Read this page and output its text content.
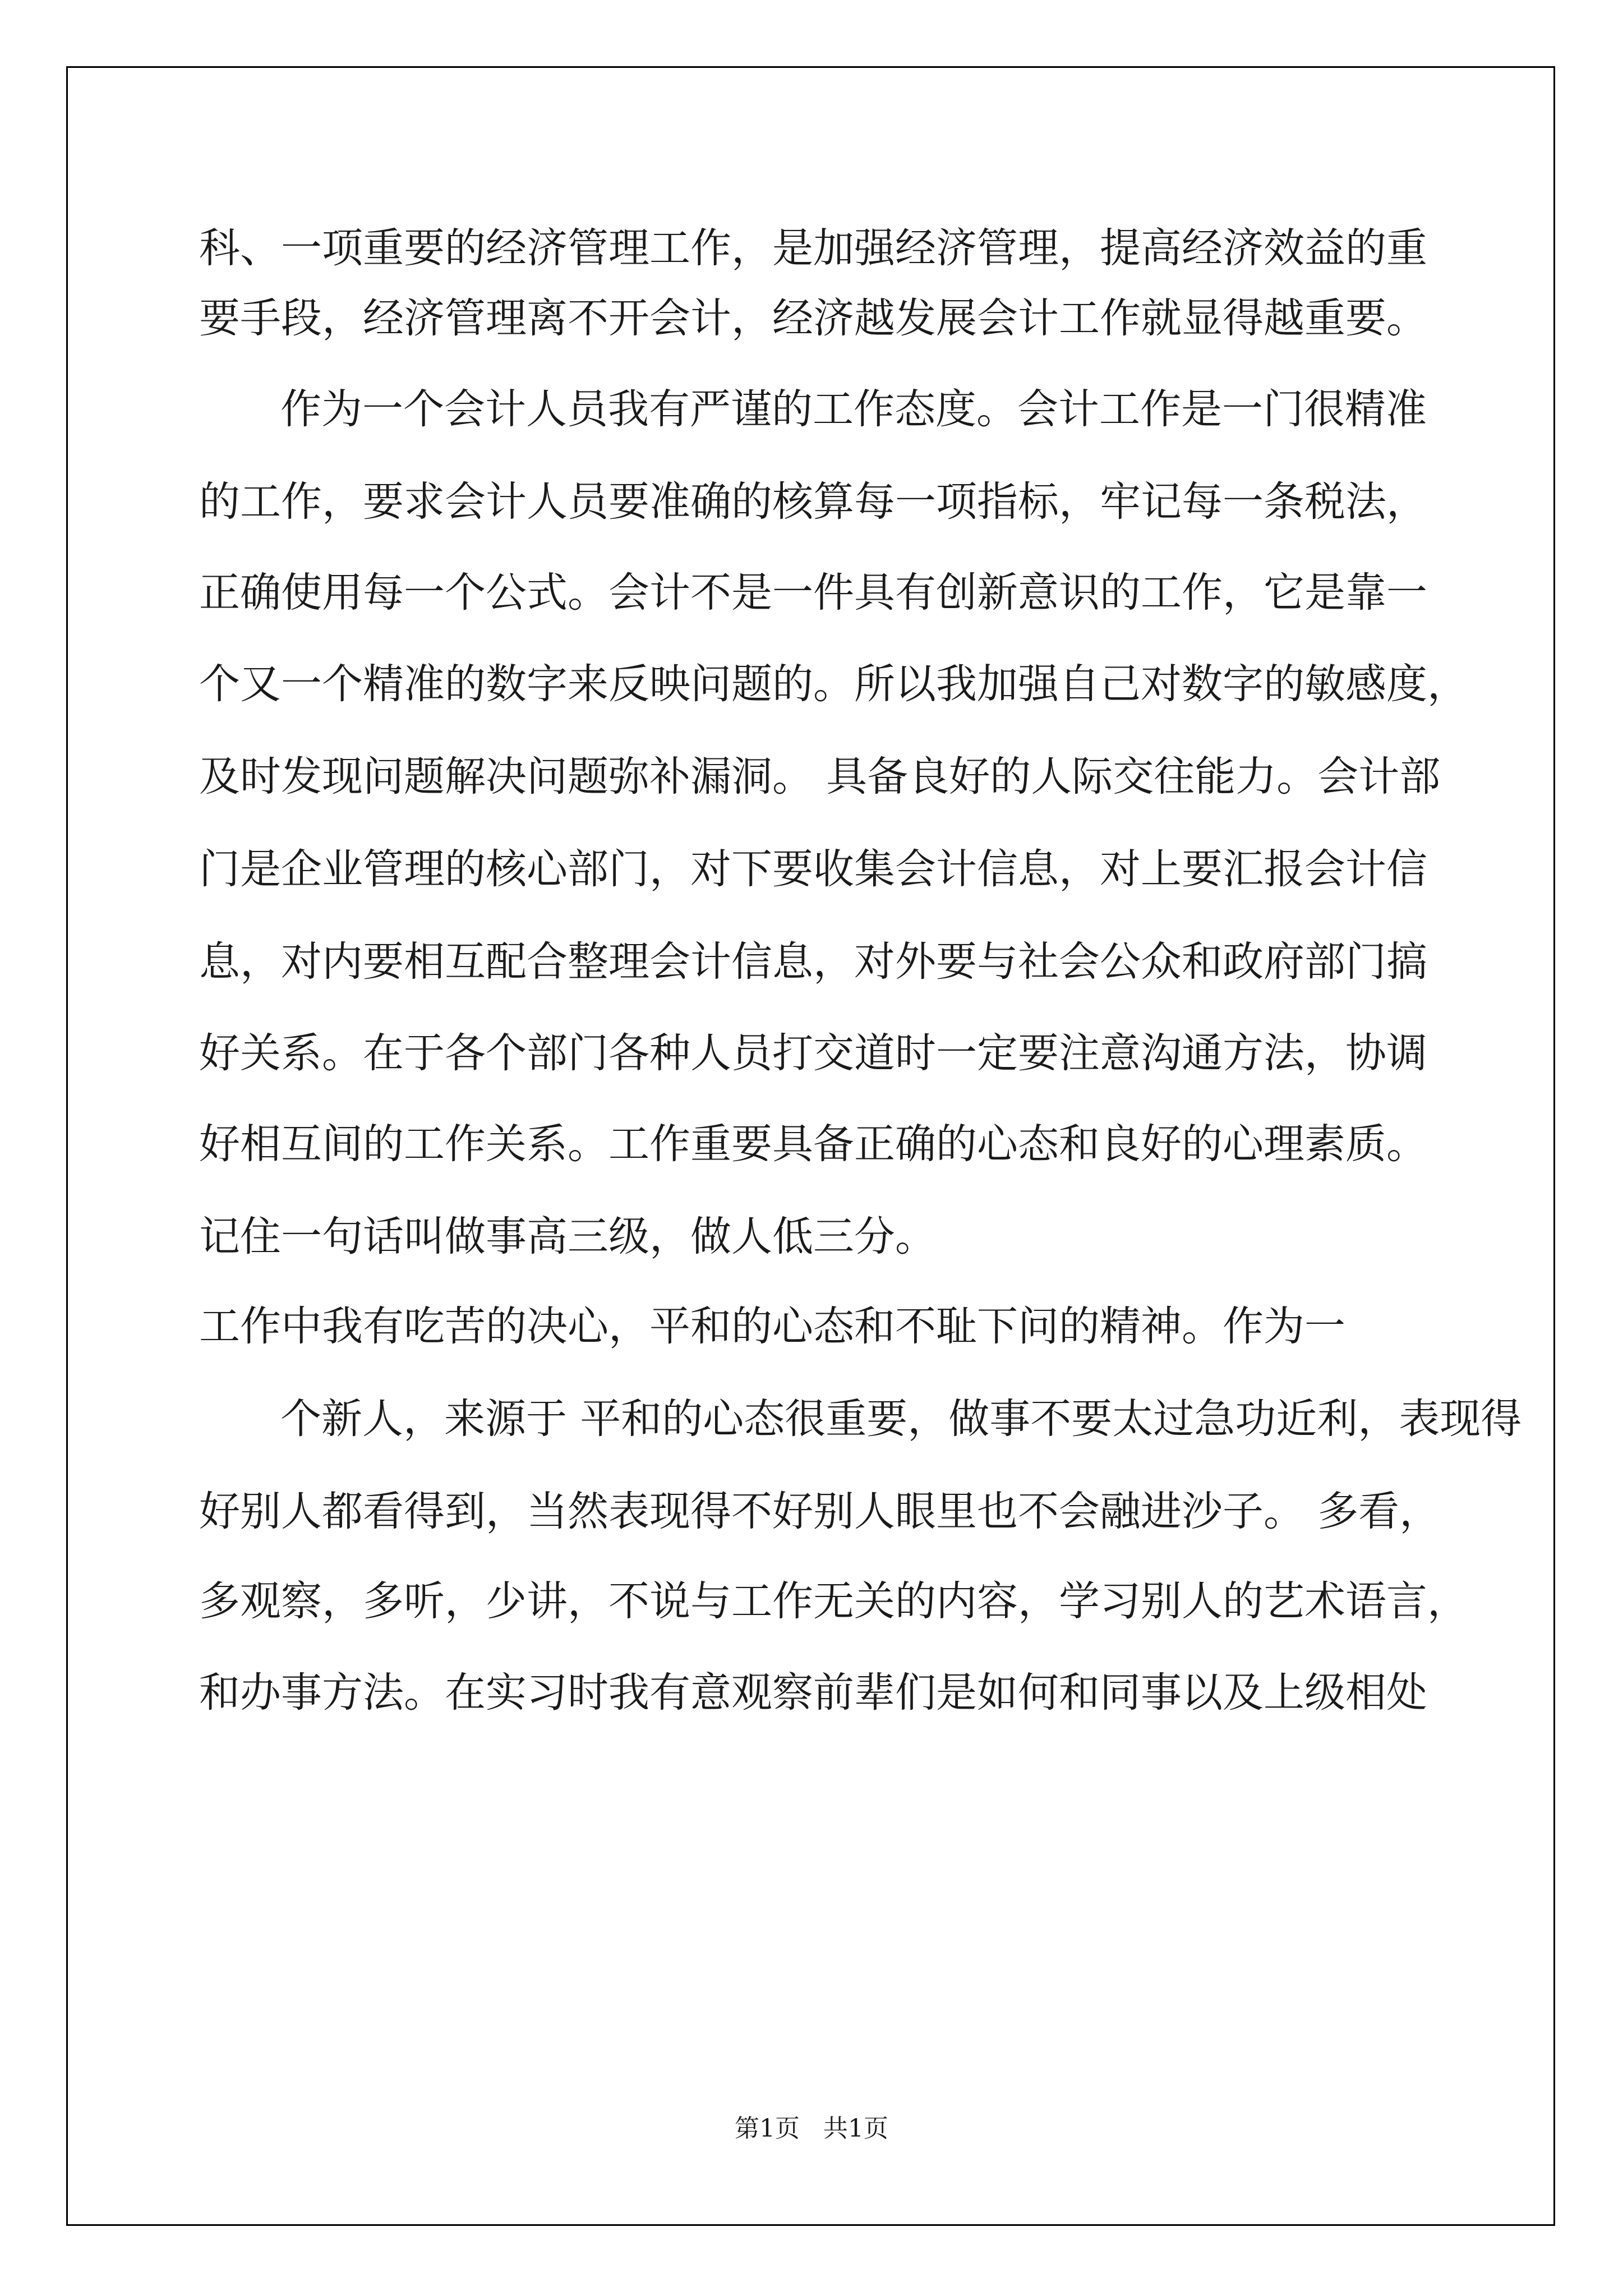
科、一项重要的经济管理工作，是加强经济管理，提高经济效益的重

要手段，经济管理离不开会计，经济越发展会计工作就显得越重要。

作为一个会计人员我有严谨的工作态度。会计工作是一门很精准

的工作，要求会计人员要准确的核算每一项指标，牢记每一条税法，

正确使用每一个公式。会计不是一件具有创新意识的工作，它是靠一

个又一个精准的数字来反映问题的。所以我加强自己对数字的敏感度，

及时发现问题解决问题弥补漏洞。 具备良好的人际交往能力。会计部

门是企业管理的核心部门，对下要收集会计信息，对上要汇报会计信

息，对内要相互配合整理会计信息，对外要与社会公众和政府部门搞

好关系。在于各个部门各种人员打交道时一定要注意沟通方法，协调

好相互间的工作关系。工作重要具备正确的心态和良好的心理素质。

记住一句话叫做事高三级，做人低三分。

工作中我有吃苦的决心，平和的心态和不耻下问的精神。作为一

个新人，来源于 平和的心态很重要，做事不要太过急功近利，表现得

好别人都看得到，当然表现得不好别人眼里也不会融进沙子。 多看，

多观察，多听，少讲，不说与工作无关的内容，学习别人的艺术语言，

和办事方法。在实习时我有意观察前辈们是如何和同事以及上级相处

第1页   共1页
